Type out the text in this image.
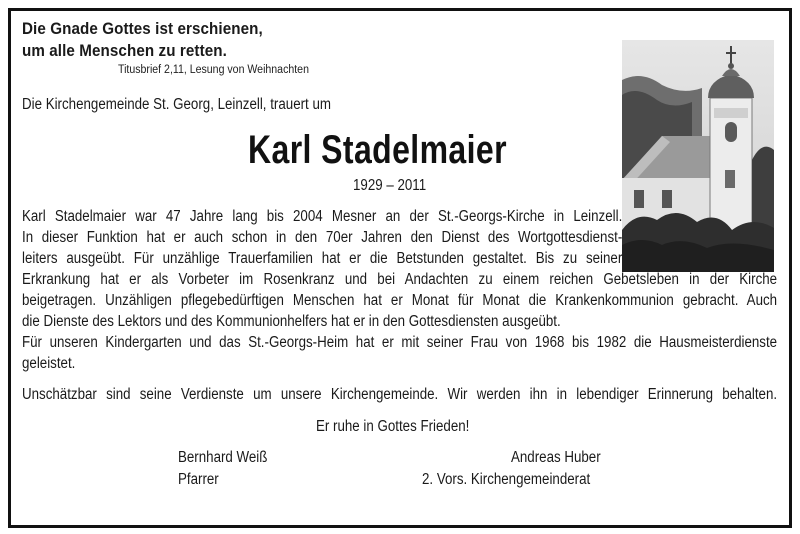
Die Gnade Gottes ist erschienen,
um alle Menschen zu retten.
Titusbrief 2,11, Lesung von Weihnachten
Die Kirchengemeinde St. Georg, Leinzell, trauert um
Karl Stadelmaier
1929 – 2011
Karl Stadelmaier war 47 Jahre lang bis 2004 Mesner an der St.-Georgs-Kirche in Leinzell.
In dieser Funktion hat er auch schon in den 70er Jahren den Dienst des Wortgottesdienst-
leiters ausgeübt. Für unzählige Trauerfamilien hat er die Betstunden gestaltet. Bis zu seiner
Erkrankung hat er als Vorbeter im Rosenkranz und bei Andachten zu einem reichen Gebetsleben in der Kirche
beigetragen. Unzähligen pflegebedürftigen Menschen hat er Monat für Monat die Krankenkommunion gebracht. Auch
die Dienste des Lektors und des Kommunionhelfers hat er in den Gottesdiensten ausgeübt.
Für unseren Kindergarten und das St.-Georgs-Heim hat er mit seiner Frau von 1968 bis 1982 die Hausmeisterdienste
geleistet.
Unschätzbar sind seine Verdienste um unsere Kirchengemeinde. Wir werden ihn in lebendiger Erinnerung behalten.
Er ruhe in Gottes Frieden!
Bernhard Weiß
Pfarrer
Andreas Huber
2. Vors. Kirchengemeinderat
